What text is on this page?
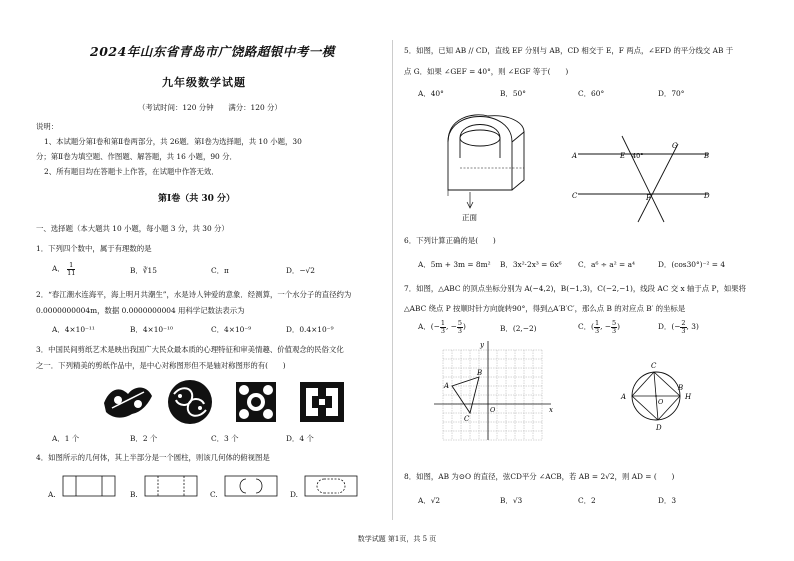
2024年山东省青岛市广饶路超银中考一模
九年级数学试题
（考试时间：120 分钟　　满分：120 分）
说明：
1、本试题分第Ⅰ卷和第Ⅱ卷两部分，共 26题．第Ⅰ卷为选择题，共 10 小题，30
分；第Ⅱ卷为填空题、作图题、解答题，共 16 小题，90 分．
2、所有题目均在答题卡上作答，在试题中作答无效．
第Ⅰ卷（共 30 分）
一、选择题（本大题共 10 小题，每小题 3 分，共 30 分）
1．下列四个数中，属于有理数的是
A． $\frac{1}{11}$	B．∛15	C．π	D．−√2
2．“春江潮水连海平，海上明月共潮生”，水是诗人钟爱的意象．经测算，一个水分子的直径约为
0.0000000004m，数据 0.0000000004 用科学记数法表示为
A．4×10⁻¹¹	B．4×10⁻¹⁰	C．4×10⁻⁹	D．0.4×10⁻⁹
3．中国民间剪纸艺术是映出我国广大民众最本质的心理特征和审美情趣、价值观念的民俗文化
之一．下列精美的剪纸作品中，是中心对称图形但不是轴对称图形的有(　　)
A．1 个	B．2 个	C．3 个	D．4 个
4．如图所示的几何体，其上半部分是一个圆柱，则该几何体的俯视图是
A.	B.	C.	D.
5．如图，已知 AB // CD，直线 EF 分别与 AB，CD 相交于 E，F 两点，∠EFD 的平分线交 AB 于
点 G．如果 ∠GEF = 40°，则 ∠EGF 等于(　　)
A．40°	B．50°	C．60°	D．70°
正面
A	B
C	D
E
F
G
40°
6．下列计算正确的是(　　)
A．5m + 3m = 8m² B．3x²·2x³ = 6x⁶ C．a⁶ ÷ a² = a⁴	D．(cos30°)⁻² = 4
7．如图，△ABC 的顶点坐标分别为 A(−4,2)，B(−1,3)，C(−2,−1)，线段 AC 交 x 轴于点 P，如果将
△ABC 绕点 P 按顺时针方向旋转90°，得到△A′B′C′，那么点 B 的对应点 B′ 的坐标是
A．(− $\frac{1}{3}$ , − $\frac{5}{3}$ )	B．(2,−2)	C．( $\frac{1}{3}$ , − $\frac{5}{3}$ )	D．(− $\frac{2}{3}$ , 3)
A
B
C
O	x
y
C
A
B
D
O
H
8．如图，AB 为⊙O 的直径，弦CD平分 ∠ACB，若 AB = 2√2，则 AD = (　　)
A．√2	B．√3	C．2	D．3
数学试题 第1页，共 5 页
